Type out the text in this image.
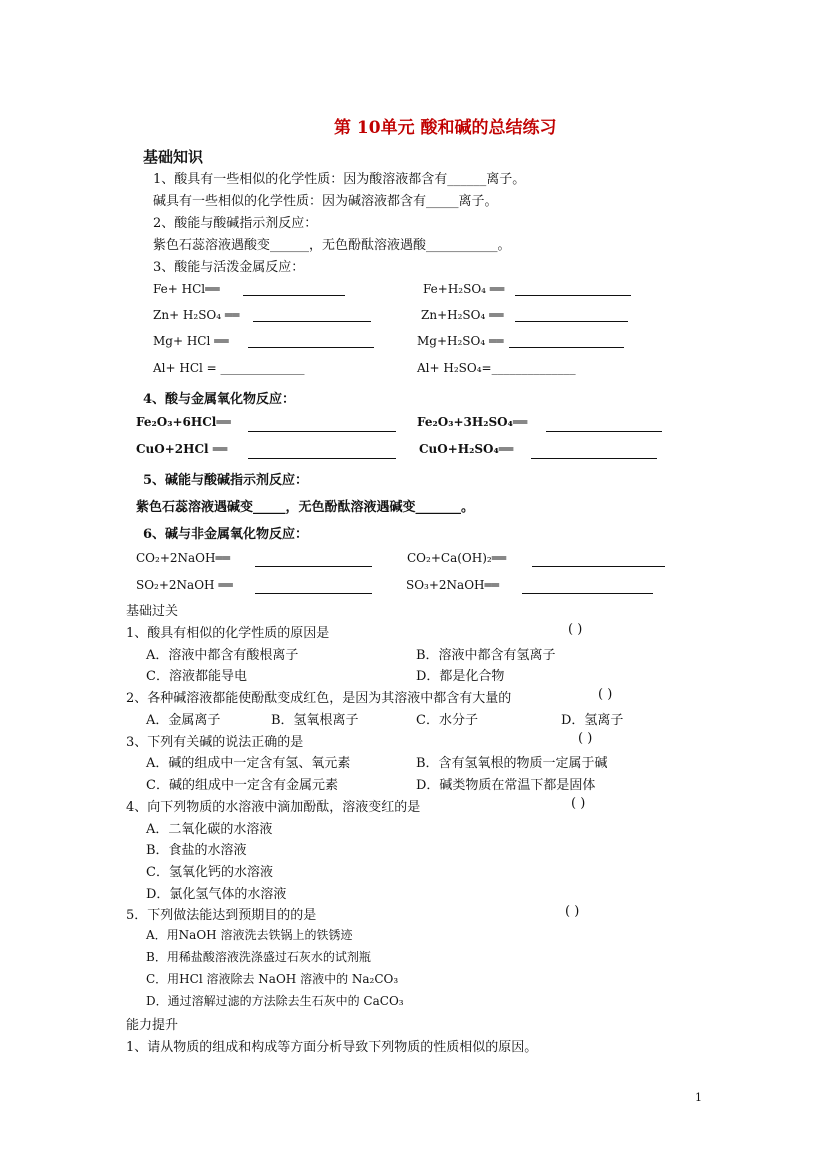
第 10单元 酸和碱的总结练习
基础知识
1、酸具有一些相似的化学性质：因为酸溶液都含有______离子。
碱具有一些相似的化学性质：因为碱溶液都含有_____离子。
2、酸能与酸碱指示剂反应：
紫色石蕊溶液遇酸变______，无色酚酞溶液遇酸___________。
3、酸能与活泼金属反应：
Fe+ HCl══	Fe+H₂SO₄ ══
Zn+ H₂SO₄ ══	Zn+H₂SO₄ ══
Mg+ HCl ══	Mg+H₂SO₄ ══
Al+ HCl = ______________	Al+ H₂SO₄=______________
4、酸与金属氧化物反应：
Fe₂O₃+6HCl══	Fe₂O₃+3H₂SO₄══
CuO+2HCl ══	CuO+H₂SO₄══
5、碱能与酸碱指示剂反应：
紫色石蕊溶液遇碱变_____，无色酚酞溶液遇碱变_______。
6、碱与非金属氧化物反应：
CO₂+2NaOH══	CO₂+Ca(OH)₂══
SO₂+2NaOH ══	SO₃+2NaOH══
基础过关
1、酸具有相似的化学性质的原因是	( )
A．溶液中都含有酸根离子	B．溶液中都含有氢离子
C．溶液都能导电	D．都是化合物
2、各种碱溶液都能使酚酞变成红色，是因为其溶液中都含有大量的	( )
A．金属离子	B．氢氧根离子	C．水分子	D．氢离子
3、下列有关碱的说法正确的是	( )
A．碱的组成中一定含有氢、氧元素	B．含有氢氧根的物质一定属于碱
C．碱的组成中一定含有金属元素	D．碱类物质在常温下都是固体
4、向下列物质的水溶液中滴加酚酞，溶液变红的是	( )
A．二氧化碳的水溶液
B．食盐的水溶液
C．氢氧化钙的水溶液
D．氯化氢气体的水溶液
5．下列做法能达到预期目的的是	( )
A．用NaOH 溶液洗去铁锅上的铁锈迹
B．用稀盐酸溶液洗涤盛过石灰水的试剂瓶
C．用HCl 溶液除去 NaOH 溶液中的 Na₂CO₃
D．通过溶解过滤的方法除去生石灰中的 CaCO₃
能力提升
1、请从物质的组成和构成等方面分析导致下列物质的性质相似的原因。
1
